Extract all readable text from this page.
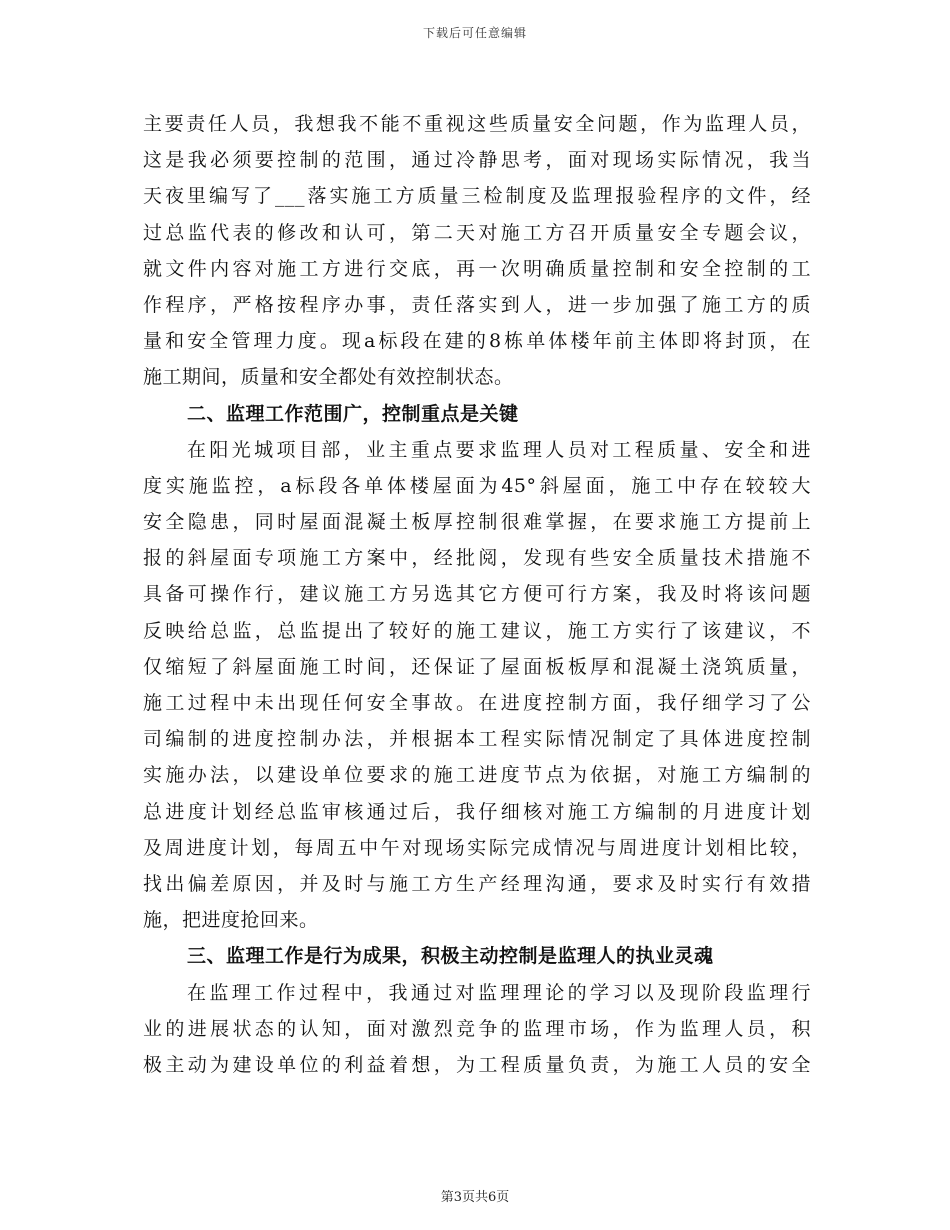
下载后可任意编辑
主要责任人员，我想我不能不重视这些质量安全问题，作为监理人员，
这是我必须要控制的范围，通过冷静思考，面对现场实际情况，我当
天夜里编写了___落实施工方质量三检制度及监理报验程序的文件，经
过总监代表的修改和认可，第二天对施工方召开质量安全专题会议，
就文件内容对施工方进行交底，再一次明确质量控制和安全控制的工
作程序，严格按程序办事，责任落实到人，进一步加强了施工方的质
量和安全管理力度。现a标段在建的8栋单体楼年前主体即将封顶，在
施工期间，质量和安全都处有效控制状态。
二、监理工作范围广，控制重点是关键
在阳光城项目部，业主重点要求监理人员对工程质量、安全和进
度实施监控，a标段各单体楼屋面为45°斜屋面，施工中存在较较大
安全隐患，同时屋面混凝土板厚控制很难掌握，在要求施工方提前上
报的斜屋面专项施工方案中，经批阅，发现有些安全质量技术措施不
具备可操作行，建议施工方另选其它方便可行方案，我及时将该问题
反映给总监，总监提出了较好的施工建议，施工方实行了该建议，不
仅缩短了斜屋面施工时间，还保证了屋面板板厚和混凝土浇筑质量，
施工过程中未出现任何安全事故。在进度控制方面，我仔细学习了公
司编制的进度控制办法，并根据本工程实际情况制定了具体进度控制
实施办法，以建设单位要求的施工进度节点为依据，对施工方编制的
总进度计划经总监审核通过后，我仔细核对施工方编制的月进度计划
及周进度计划，每周五中午对现场实际完成情况与周进度计划相比较，
找出偏差原因，并及时与施工方生产经理沟通，要求及时实行有效措
施，把进度抢回来。
三、监理工作是行为成果，积极主动控制是监理人的执业灵魂
在监理工作过程中，我通过对监理理论的学习以及现阶段监理行
业的进展状态的认知，面对激烈竞争的监理市场，作为监理人员，积
极主动为建设单位的利益着想，为工程质量负责，为施工人员的安全
第3页共6页
